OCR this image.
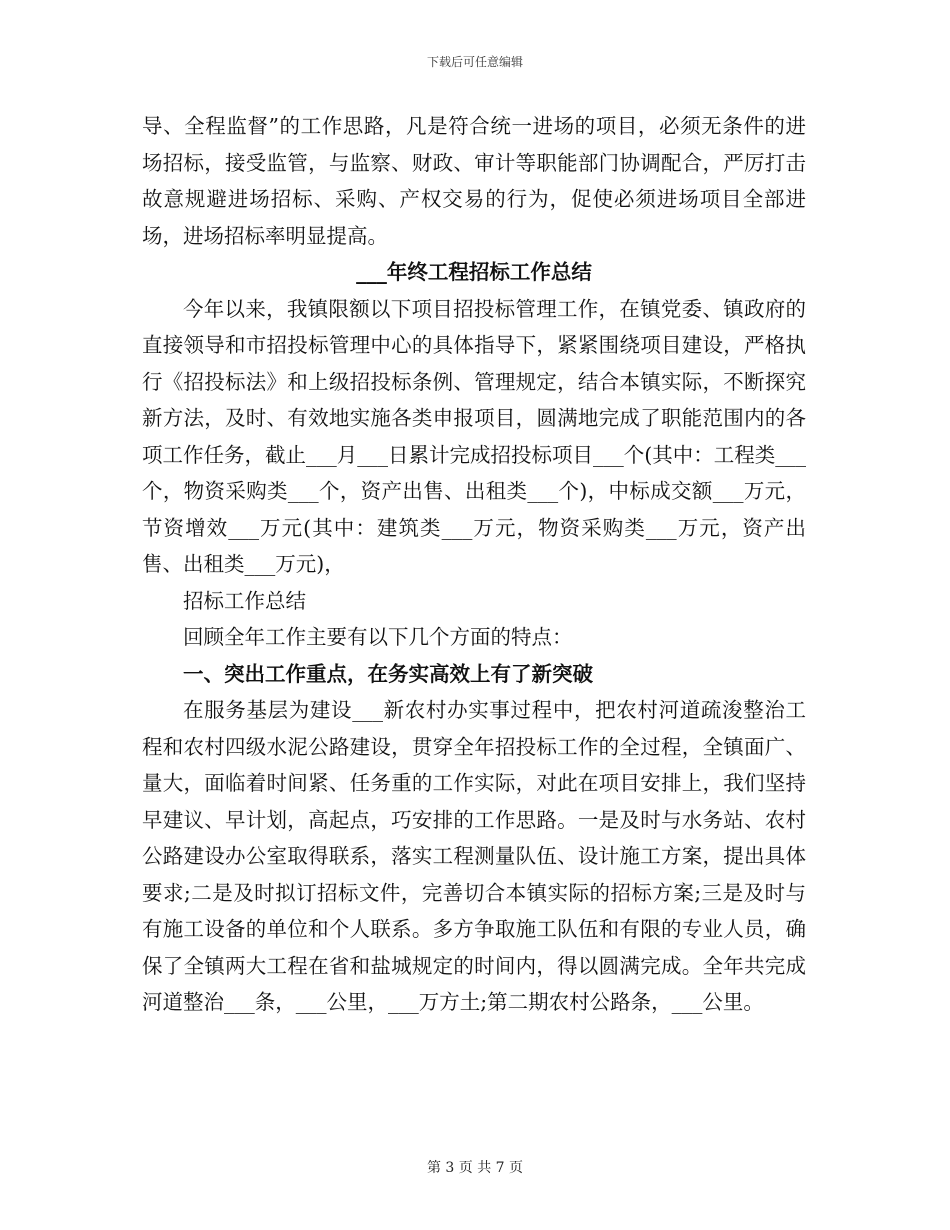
下载后可任意编辑

导、全程监督”的工作思路，凡是符合统一进场的项目，必须无条件的进场招标，接受监管，与监察、财政、审计等职能部门协调配合，严厉打击故意规避进场招标、采购、产权交易的行为，促使必须进场项目全部进场，进场招标率明显提高。

___年终工程招标工作总结

今年以来，我镇限额以下项目招投标管理工作，在镇党委、镇政府的直接领导和市招投标管理中心的具体指导下，紧紧围绕项目建设，严格执行《招投标法》和上级招投标条例、管理规定，结合本镇实际，不断探究新方法，及时、有效地实施各类申报项目，圆满地完成了职能范围内的各项工作任务，截止___月___日累计完成招投标项目___个(其中：工程类___个，物资采购类___个，资产出售、出租类___个)，中标成交额___万元，节资增效___万元(其中：建筑类___万元，物资采购类___万元，资产出售、出租类___万元)，

招标工作总结

回顾全年工作主要有以下几个方面的特点：

一、突出工作重点，在务实高效上有了新突破

在服务基层为建设___新农村办实事过程中，把农村河道疏浚整治工程和农村四级水泥公路建设，贯穿全年招投标工作的全过程，全镇面广、量大，面临着时间紧、任务重的工作实际，对此在项目安排上，我们坚持早建议、早计划，高起点，巧安排的工作思路。一是及时与水务站、农村公路建设办公室取得联系，落实工程测量队伍、设计施工方案，提出具体要求;二是及时拟订招标文件，完善切合本镇实际的招标方案;三是及时与有施工设备的单位和个人联系。多方争取施工队伍和有限的专业人员，确保了全镇两大工程在省和盐城规定的时间内，得以圆满完成。全年共完成河道整治___条，___公里，___万方土;第二期农村公路条，___公里。

第 3 页 共 7 页
